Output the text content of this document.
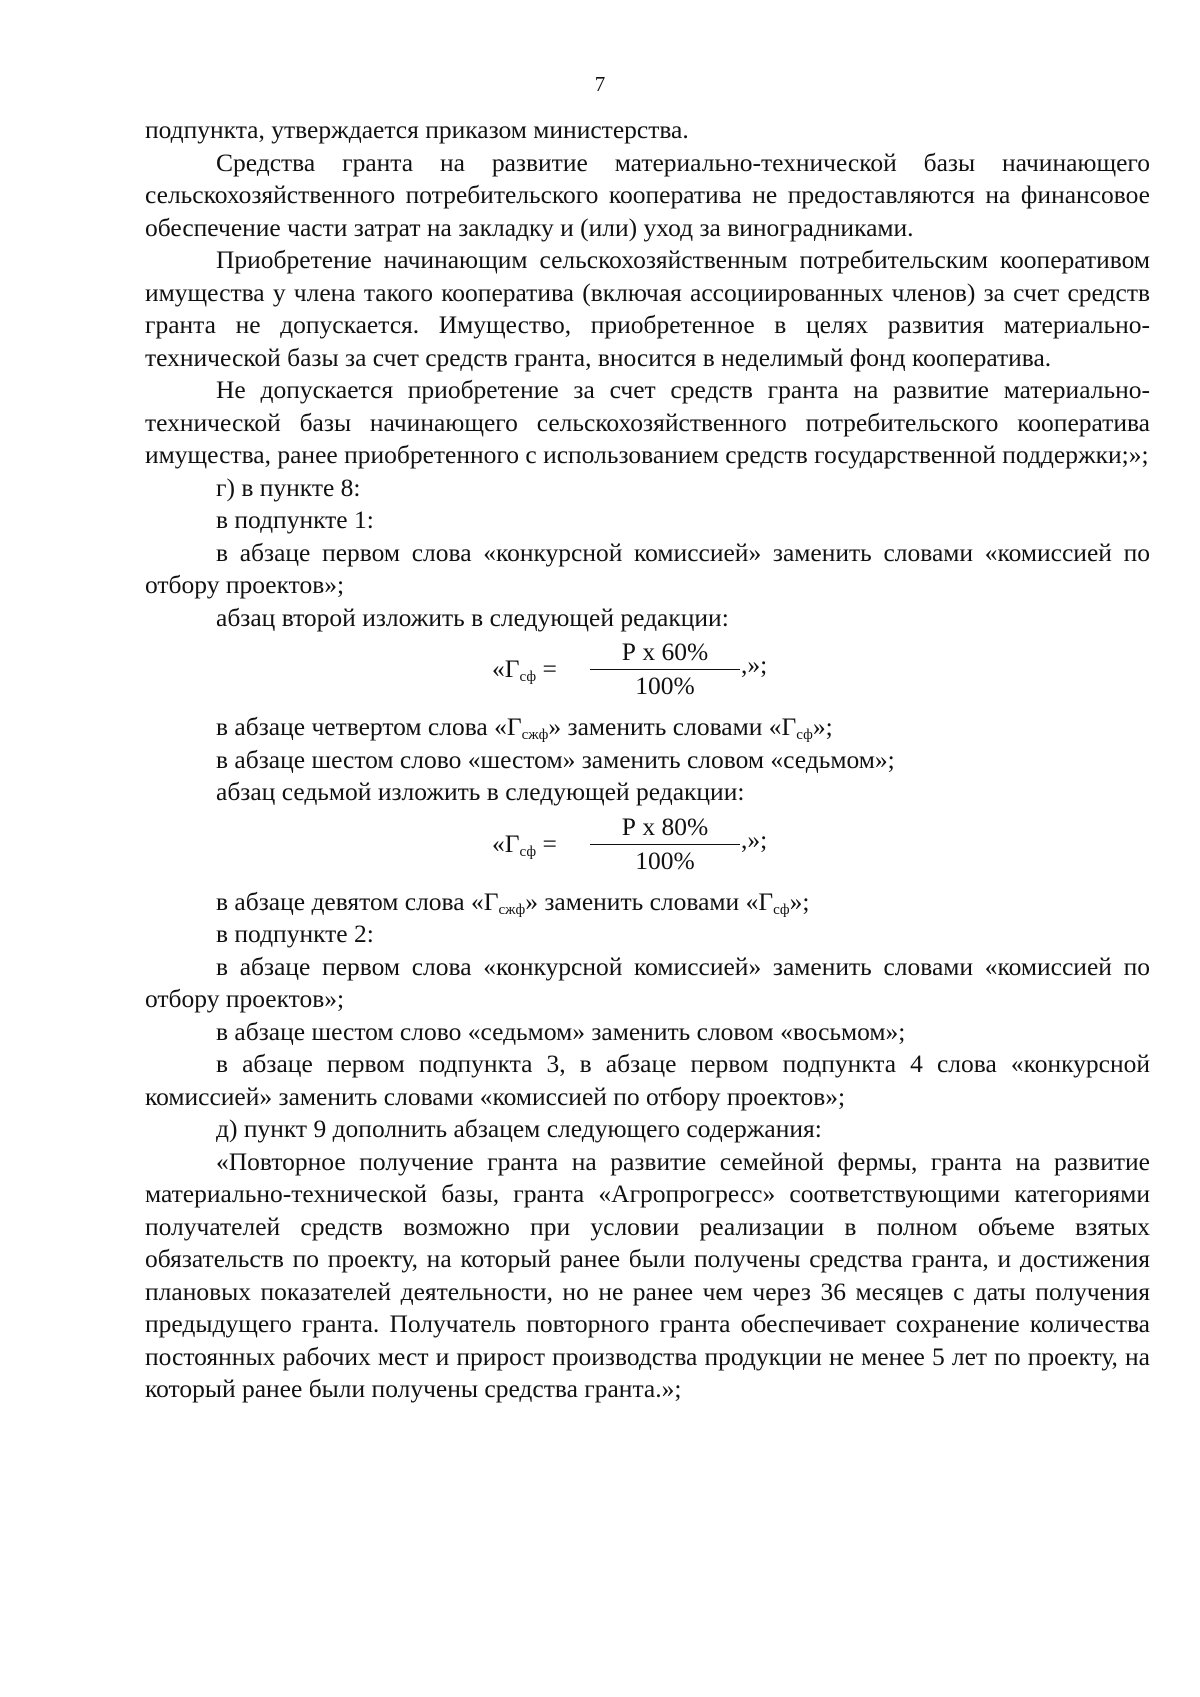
7

подпункта, утверждается приказом министерства.

Средства гранта на развитие материально-технической базы начинающего сельскохозяйственного потребительского кооператива не предоставляются на финансовое обеспечение части затрат на закладку и (или) уход за виноградниками.

Приобретение начинающим сельскохозяйственным потребительским кооперативом имущества у члена такого кооператива (включая ассоциированных членов) за счет средств гранта не допускается. Имущество, приобретенное в целях развития материально-технической базы за счет средств гранта, вносится в неделимый фонд кооператива.

Не допускается приобретение за счет средств гранта на развитие материально-технической базы начинающего сельскохозяйственного потребительского кооператива имущества, ранее приобретенного с использованием средств государственной поддержки;»;

г) в пункте 8:

в подпункте 1:

в абзаце первом слова «конкурсной комиссией» заменить словами «комиссией по отбору проектов»;

абзац второй изложить в следующей редакции:

«$Г_{сф}$ =
Р х 60%
100%
,»;

в абзаце четвертом слова «$Г_{сжф}$» заменить словами «$Г_{сф}$»;

в абзаце шестом слово «шестом» заменить словом «седьмом»;

абзац седьмой изложить в следующей редакции:

«$Г_{сф}$ =
Р х 80%
100%
,»;

в абзаце девятом слова «$Г_{сжф}$» заменить словами «$Г_{сф}$»;

в подпункте 2:

в абзаце первом слова «конкурсной комиссией» заменить словами «комиссией по отбору проектов»;

в абзаце шестом слово «седьмом» заменить словом «восьмом»;

в абзаце первом подпункта 3, в абзаце первом подпункта 4 слова «конкурсной комиссией» заменить словами «комиссией по отбору проектов»;

д) пункт 9 дополнить абзацем следующего содержания:

«Повторное получение гранта на развитие семейной фермы, гранта на развитие материально-технической базы, гранта «Агропрогресс» соответствующими категориями получателей средств возможно при условии реализации в полном объеме взятых обязательств по проекту, на который ранее были получены средства гранта, и достижения плановых показателей деятельности, но не ранее чем через 36 месяцев с даты получения предыдущего гранта. Получатель повторного гранта обеспечивает сохранение количества постоянных рабочих мест и прирост производства продукции не менее 5 лет по проекту, на который ранее были получены средства гранта.»;
